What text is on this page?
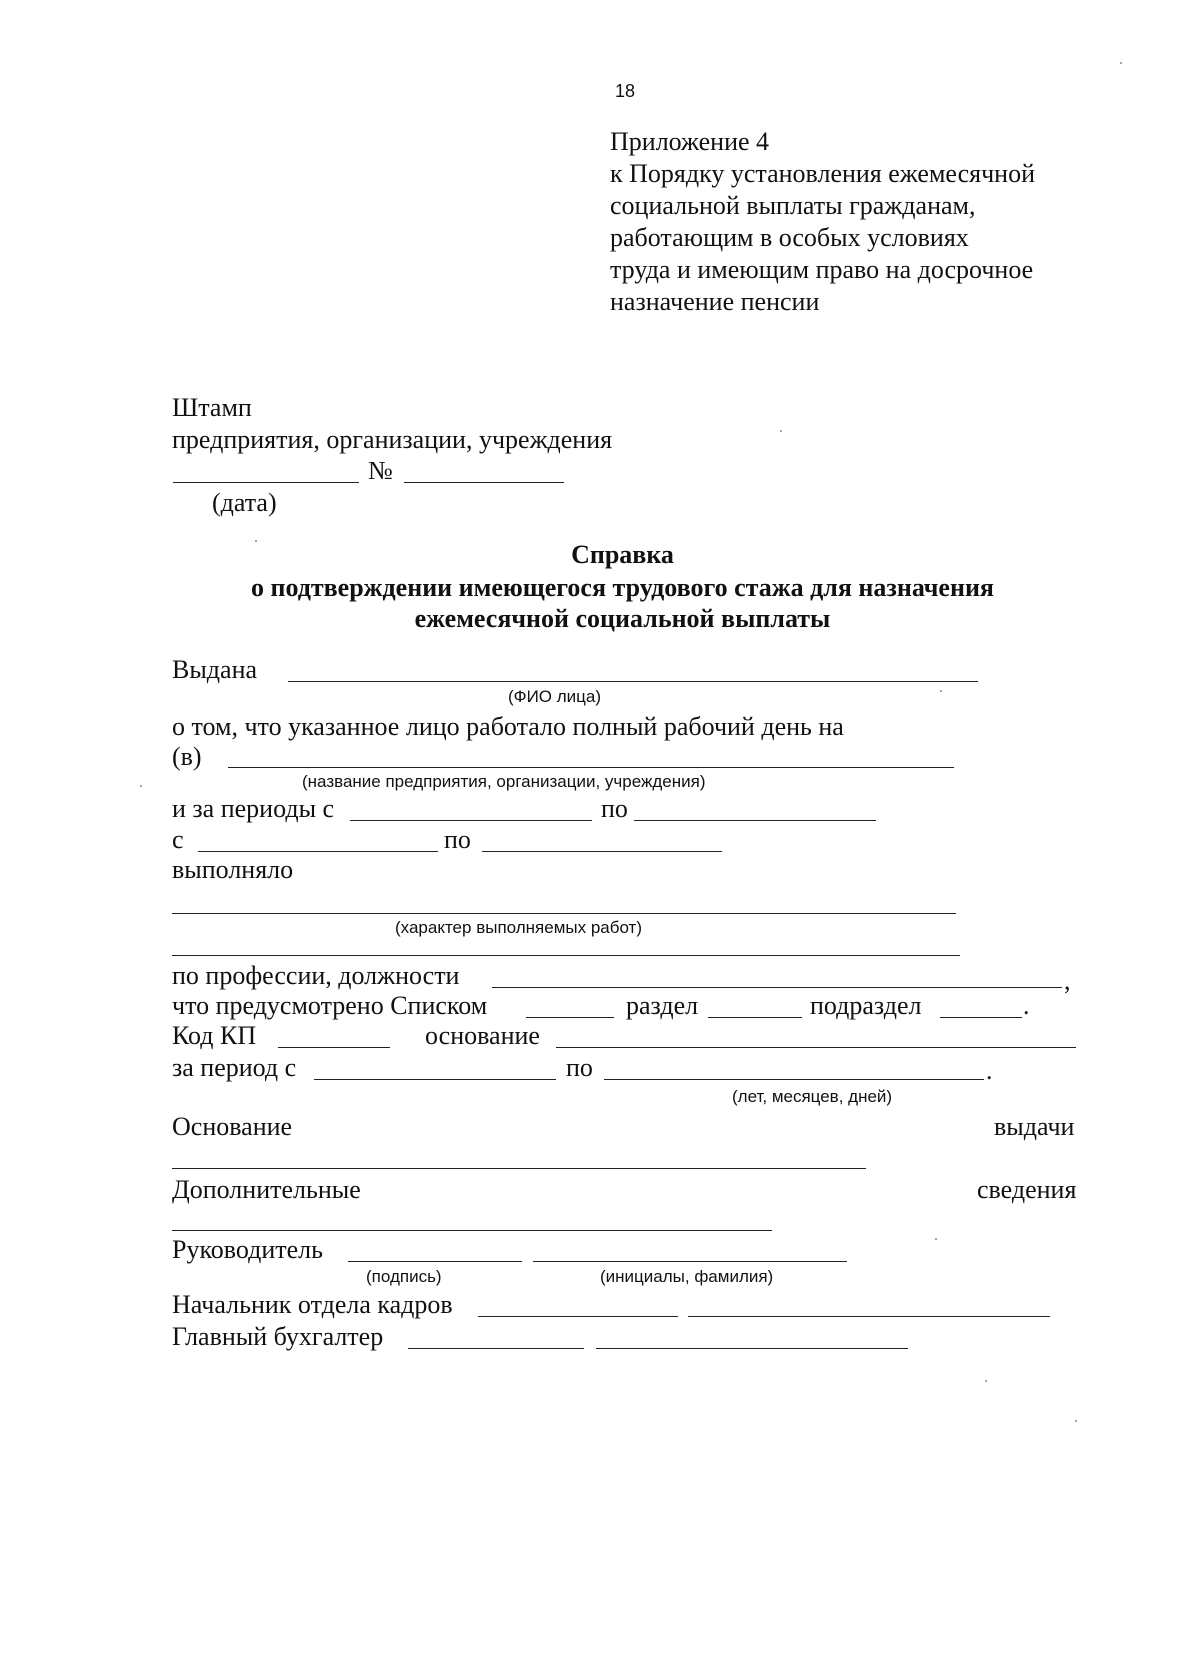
18
Приложение 4
к Порядку установления ежемесячной
социальной выплаты гражданам,
работающим в особых условиях
труда и имеющим право на досрочное
назначение пенсии
Штамп
предприятия, организации, учреждения
№
(дата)
Справка
о подтверждении имеющегося трудового стажа для назначения
ежемесячной социальной выплаты
Выдана
(ФИО лица)
о том, что указанное лицо работало полный рабочий день на
(в)
(название предприятия, организации, учреждения)
и за периоды с	по
с	по
выполняло
(характер выполняемых работ)
по профессии, должности	,
что предусмотрено Списком	раздел	подраздел	.
Код КП	основание
за период с	по	.
(лет, месяцев, дней)
Основание	выдачи
Дополнительные	сведения
Руководитель
(подпись)	(инициалы, фамилия)
Начальник отдела кадров
Главный бухгалтер
